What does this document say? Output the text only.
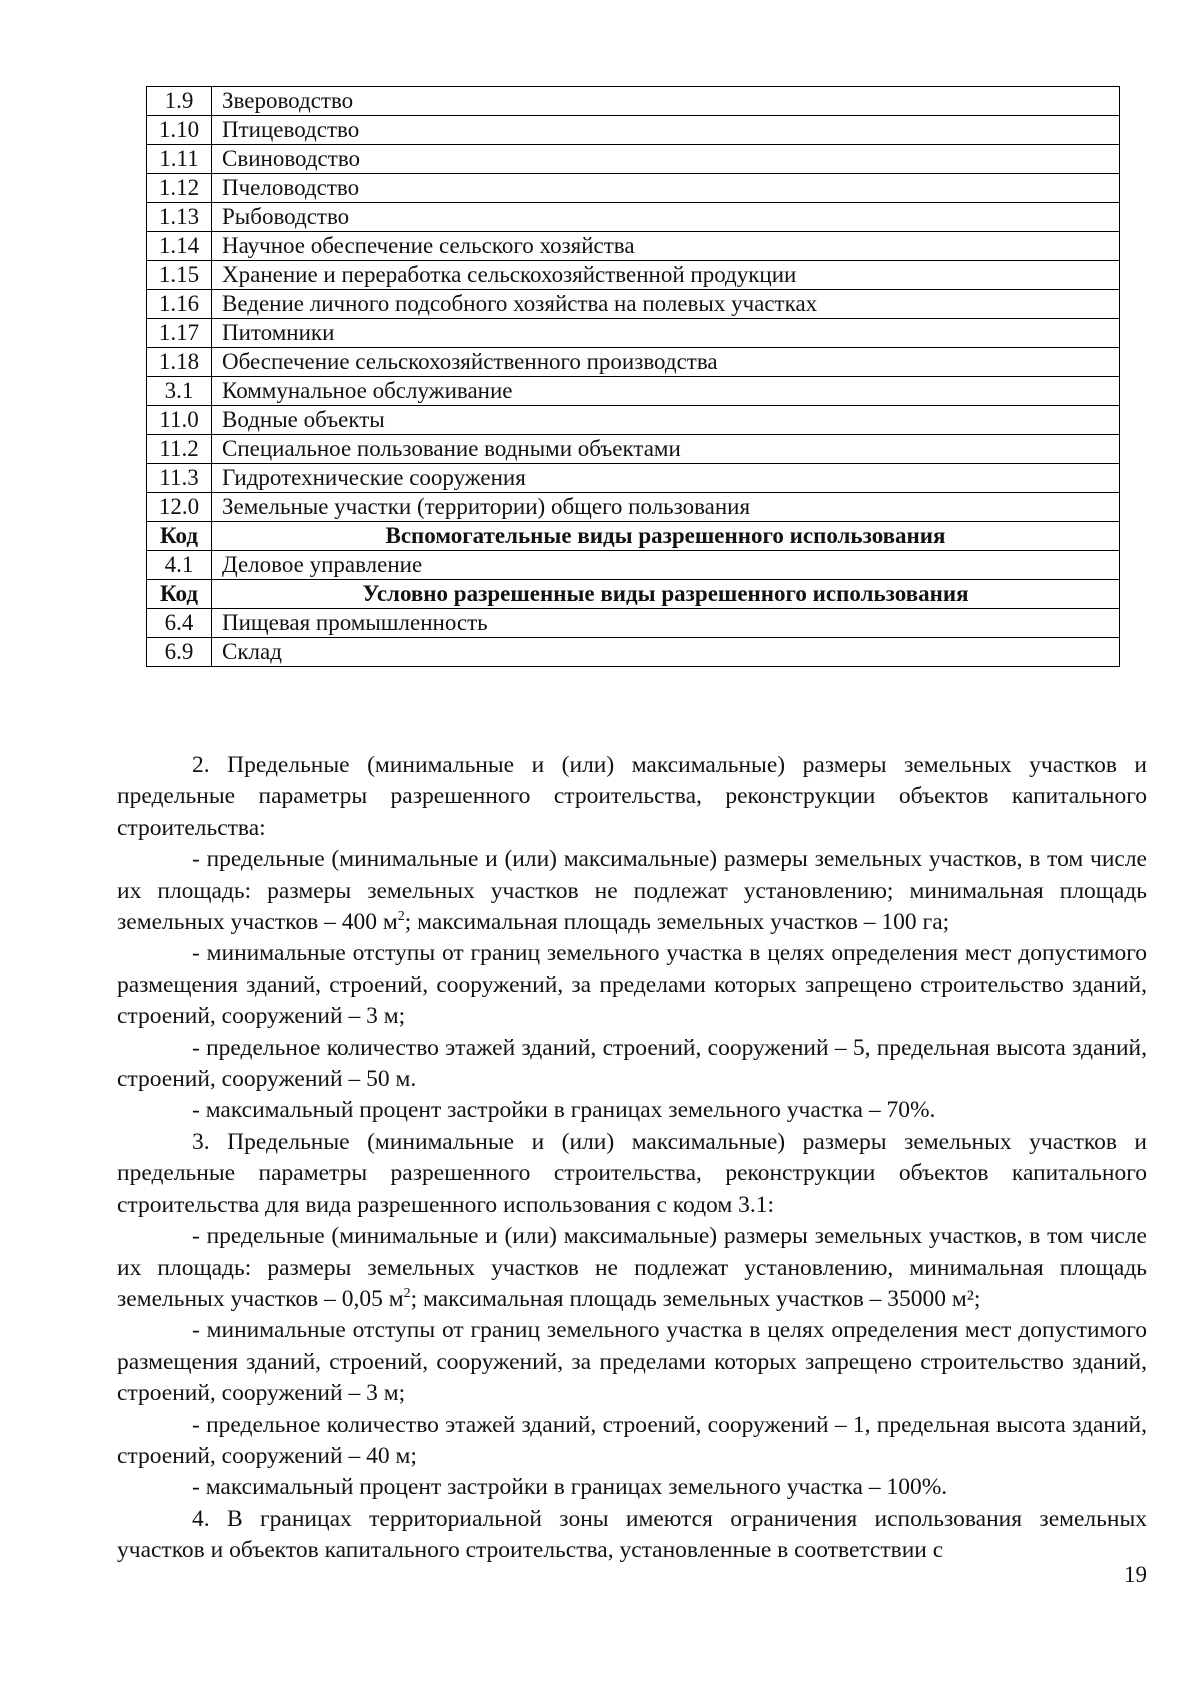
1.9	Звероводство
1.10	Птицеводство
1.11	Свиноводство
1.12	Пчеловодство
1.13	Рыбоводство
1.14	Научное обеспечение сельского хозяйства
1.15	Хранение и переработка сельскохозяйственной продукции
1.16	Ведение личного подсобного хозяйства на полевых участках
1.17	Питомники
1.18	Обеспечение сельскохозяйственного производства
3.1	Коммунальное обслуживание
11.0	Водные объекты
11.2	Специальное пользование водными объектами
11.3	Гидротехнические сооружения
12.0	Земельные участки (территории) общего пользования
Код	Вспомогательные виды разрешенного использования
4.1	Деловое управление
Код	Условно разрешенные виды разрешенного использования
6.4	Пищевая промышленность
6.9	Склад

2. Предельные (минимальные и (или) максимальные) размеры земельных участков и предельные параметры разрешенного строительства, реконструкции объектов капитального строительства:

- предельные (минимальные и (или) максимальные) размеры земельных участков, в том числе их площадь: размеры земельных участков не подлежат установлению; минимальная площадь земельных участков – 400 $м^2$; максимальная площадь земельных участков – 100 га;

- минимальные отступы от границ земельного участка в целях определения мест допустимого размещения зданий, строений, сооружений, за пределами которых запрещено строительство зданий, строений, сооружений – 3 м;

- предельное количество этажей зданий, строений, сооружений – 5, предельная высота зданий, строений, сооружений – 50 м.

- максимальный процент застройки в границах земельного участка – 70%.

3. Предельные (минимальные и (или) максимальные) размеры земельных участков и предельные параметры разрешенного строительства, реконструкции объектов капитального строительства для вида разрешенного использования с кодом 3.1:

- предельные (минимальные и (или) максимальные) размеры земельных участков, в том числе их площадь: размеры земельных участков не подлежат установлению, минимальная площадь земельных участков – 0,05 $м^2$; максимальная площадь земельных участков – 35000 м²;

- минимальные отступы от границ земельного участка в целях определения мест допустимого размещения зданий, строений, сооружений, за пределами которых запрещено строительство зданий, строений, сооружений – 3 м;

- предельное количество этажей зданий, строений, сооружений – 1, предельная высота зданий, строений, сооружений – 40 м;

- максимальный процент застройки в границах земельного участка – 100%.

4. В границах территориальной зоны имеются ограничения использования земельных участков и объектов капитального строительства, установленные в соответствии с

19
